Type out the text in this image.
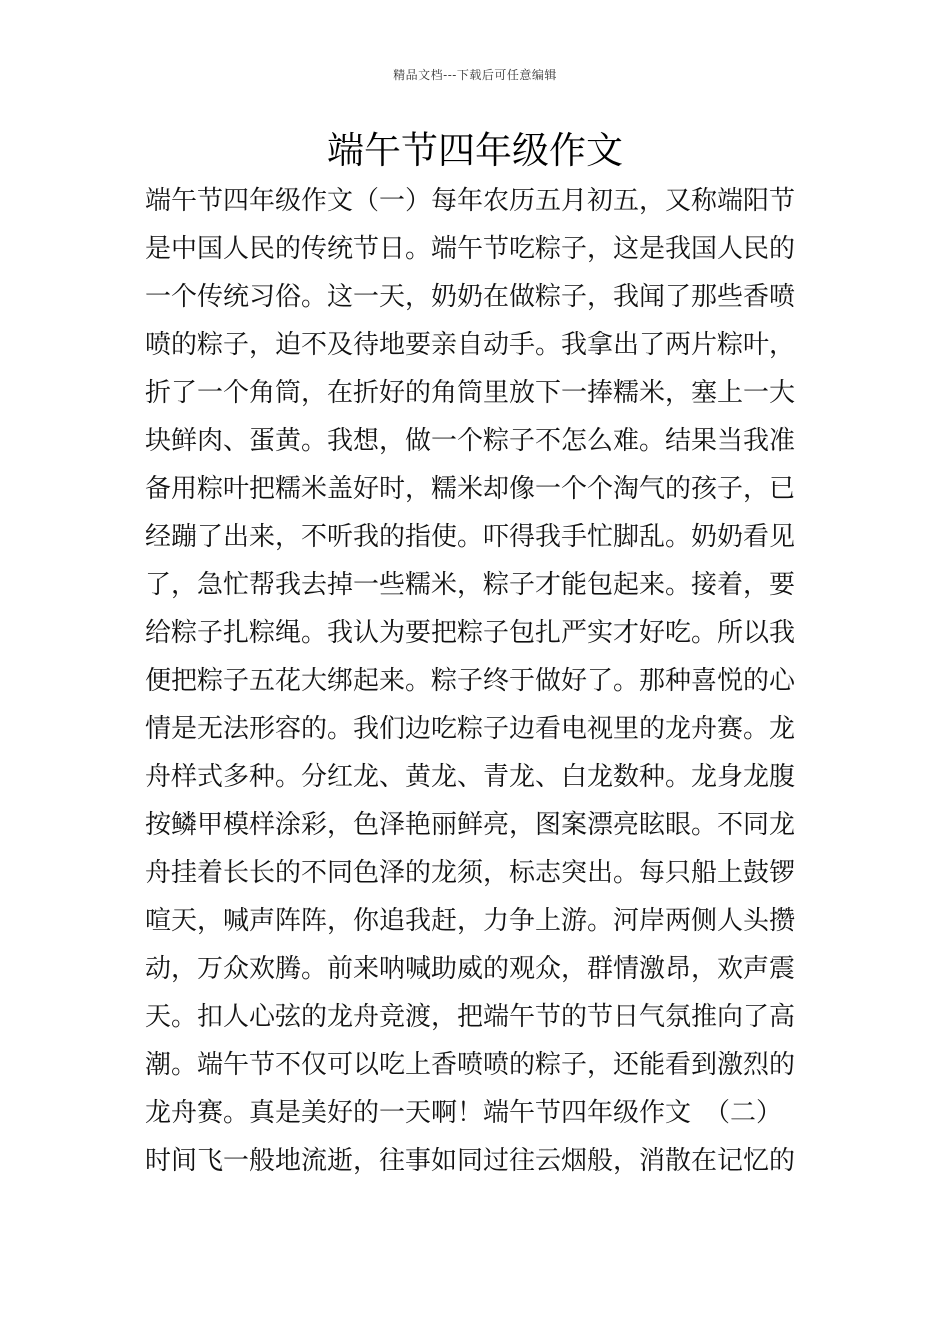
精品文档---下载后可任意编辑
端午节四年级作文
端午节四年级作文（一）每年农历五月初五，又称端阳节
是中国人民的传统节日。端午节吃粽子，这是我国人民的
一个传统习俗。这一天，奶奶在做粽子，我闻了那些香喷
喷的粽子，迫不及待地要亲自动手。我拿出了两片粽叶，
折了一个角筒，在折好的角筒里放下一捧糯米，塞上一大
块鲜肉、蛋黄。我想，做一个粽子不怎么难。结果当我准
备用粽叶把糯米盖好时，糯米却像一个个淘气的孩子，已
经蹦了出来，不听我的指使。吓得我手忙脚乱。奶奶看见
了，急忙帮我去掉一些糯米，粽子才能包起来。接着，要
给粽子扎粽绳。我认为要把粽子包扎严实才好吃。所以我
便把粽子五花大绑起来。粽子终于做好了。那种喜悦的心
情是无法形容的。我们边吃粽子边看电视里的龙舟赛。龙
舟样式多种。分红龙、黄龙、青龙、白龙数种。龙身龙腹
按鳞甲模样涂彩，色泽艳丽鲜亮，图案漂亮眩眼。不同龙
舟挂着长长的不同色泽的龙须，标志突出。每只船上鼓锣
喧天，喊声阵阵，你追我赶，力争上游。河岸两侧人头攒
动，万众欢腾。前来呐喊助威的观众，群情激昂，欢声震
天。扣人心弦的龙舟竞渡，把端午节的节日气氛推向了高
潮。端午节不仅可以吃上香喷喷的粽子，还能看到激烈的
龙舟赛。真是美好的一天啊！端午节四年级作文　（二）
时间飞一般地流逝，往事如同过往云烟般，消散在记忆的
